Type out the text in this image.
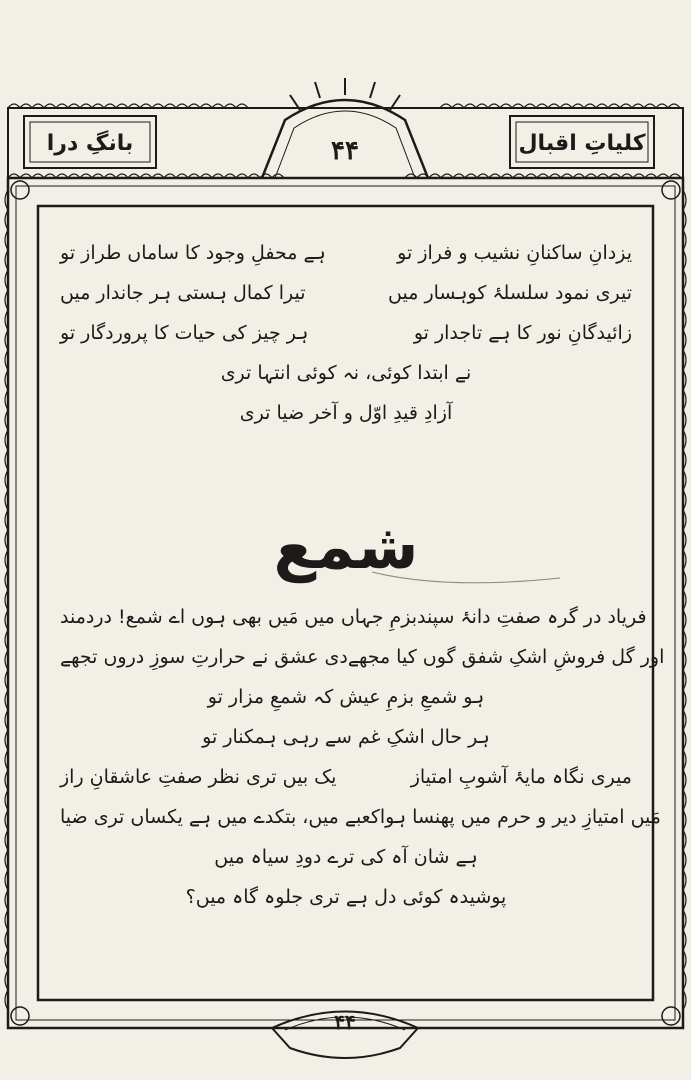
کلیاتِ اقبال
بانگِ درا	۴۴
۴۴
ہے محفلِ وجود کا ساماں طراز تو	یزدانِ ساکنانِ نشیب و فراز تو
تیرا کمال ہستی ہر جاندار میں	تیری نمود سلسلۂ کوہسار میں
ہر چیز کی حیات کا پروردگار تو	زائیدگانِ نور کا ہے تاجدار تو
نے ابتدا کوئی، نہ کوئی انتہا تری
آزادِ قیدِ اوّل و آخر ضیا تری
شمع
بزمِ جہاں میں مَیں بھی ہوں اے شمع! دردمند فریاد در گرہ صفتِ دانۂ سپند
دی عشق نے حرارتِ سوزِ دروں تجھے اور گل فروشِ اشکِ شفق گوں کیا مجھے
ہو شمعِ بزمِ عیش کہ شمعِ مزار تو
ہر حال اشکِ غم سے رہی ہمکنار تو
یک بیں تری نظر صفتِ عاشقانِ راز	میری نگاہ مایۂ آشوبِ امتیاز
کعبے میں، بتکدے میں ہے یکساں تری ضیا مَیں امتیازِ دیر و حرم میں پھنسا ہوا
ہے شان آہ کی ترے دودِ سیاہ میں
پوشیدہ کوئی دل ہے تری جلوہ گاہ میں؟
